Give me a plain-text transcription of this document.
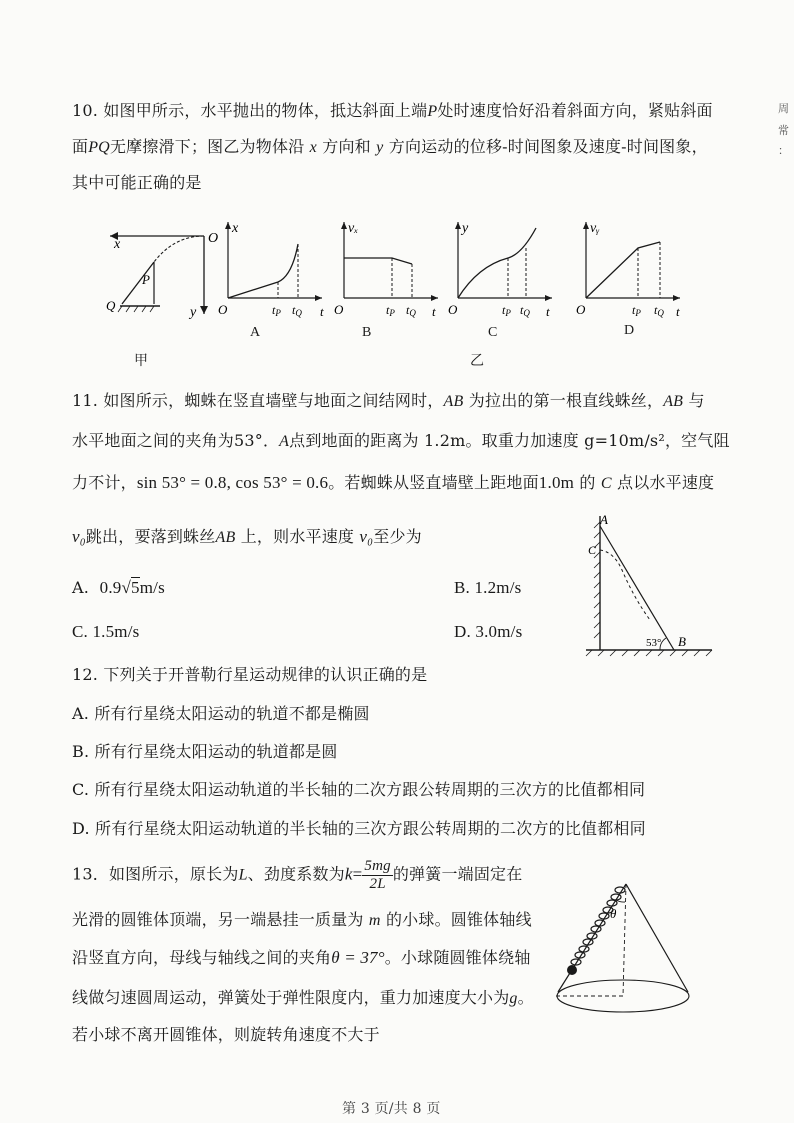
周
常
：
10. 如图甲所示，水平抛出的物体，抵达斜面上端P处时速度恰好沿着斜面方向，紧贴斜面
面PQ无摩擦滑下；图乙为物体沿 x 方向和 y 方向运动的位移-时间图象及速度-时间图象，
其中可能正确的是
x	O
y
P
Q
甲
x
O	tP tQ t
A
vₓ
O	tP tQ t
B
y
O	tP tQ t
C
乙
vᵧ
O	tP tQ t
D
11. 如图所示，蜘蛛在竖直墙壁与地面之间结网时，AB 为拉出的第一根直线蛛丝，AB 与
水平地面之间的夹角为53°．A点到地面的距离为 1.2m。取重力加速度 g=10m/s²，空气阻
力不计，sin 53° = 0.8, cos 53° = 0.6。若蜘蛛从竖直墙壁上距地面1.0m 的 C 点以水平速度
v₀跳出，要落到蛛丝AB 上，则水平速度 v₀至少为
A. 0.9√5m/s	B. 1.2m/s
C. 1.5m/s	D. 3.0m/s
A
C
B
53°
12. 下列关于开普勒行星运动规律的认识正确的是
A. 所有行星绕太阳运动的轨道不都是椭圆
B. 所有行星绕太阳运动的轨道都是圆
C. 所有行星绕太阳运动轨道的半长轴的二次方跟公转周期的三次方的比值都相同
D. 所有行星绕太阳运动轨道的半长轴的三次方跟公转周期的二次方的比值都相同
13．如图所示，原长为L、劲度系数为$k= \frac{5mg}{2L}$ 的弹簧一端固定在
光滑的圆锥体顶端，另一端悬挂一质量为 m 的小球。圆锥体轴线
沿竖直方向，母线与轴线之间的夹角θ = 37°。小球随圆锥体绕轴
线做匀速圆周运动，弹簧处于弹性限度内，重力加速度大小为g。
若小球不离开圆锥体，则旋转角速度不大于
θ
第 3 页/共 8 页
